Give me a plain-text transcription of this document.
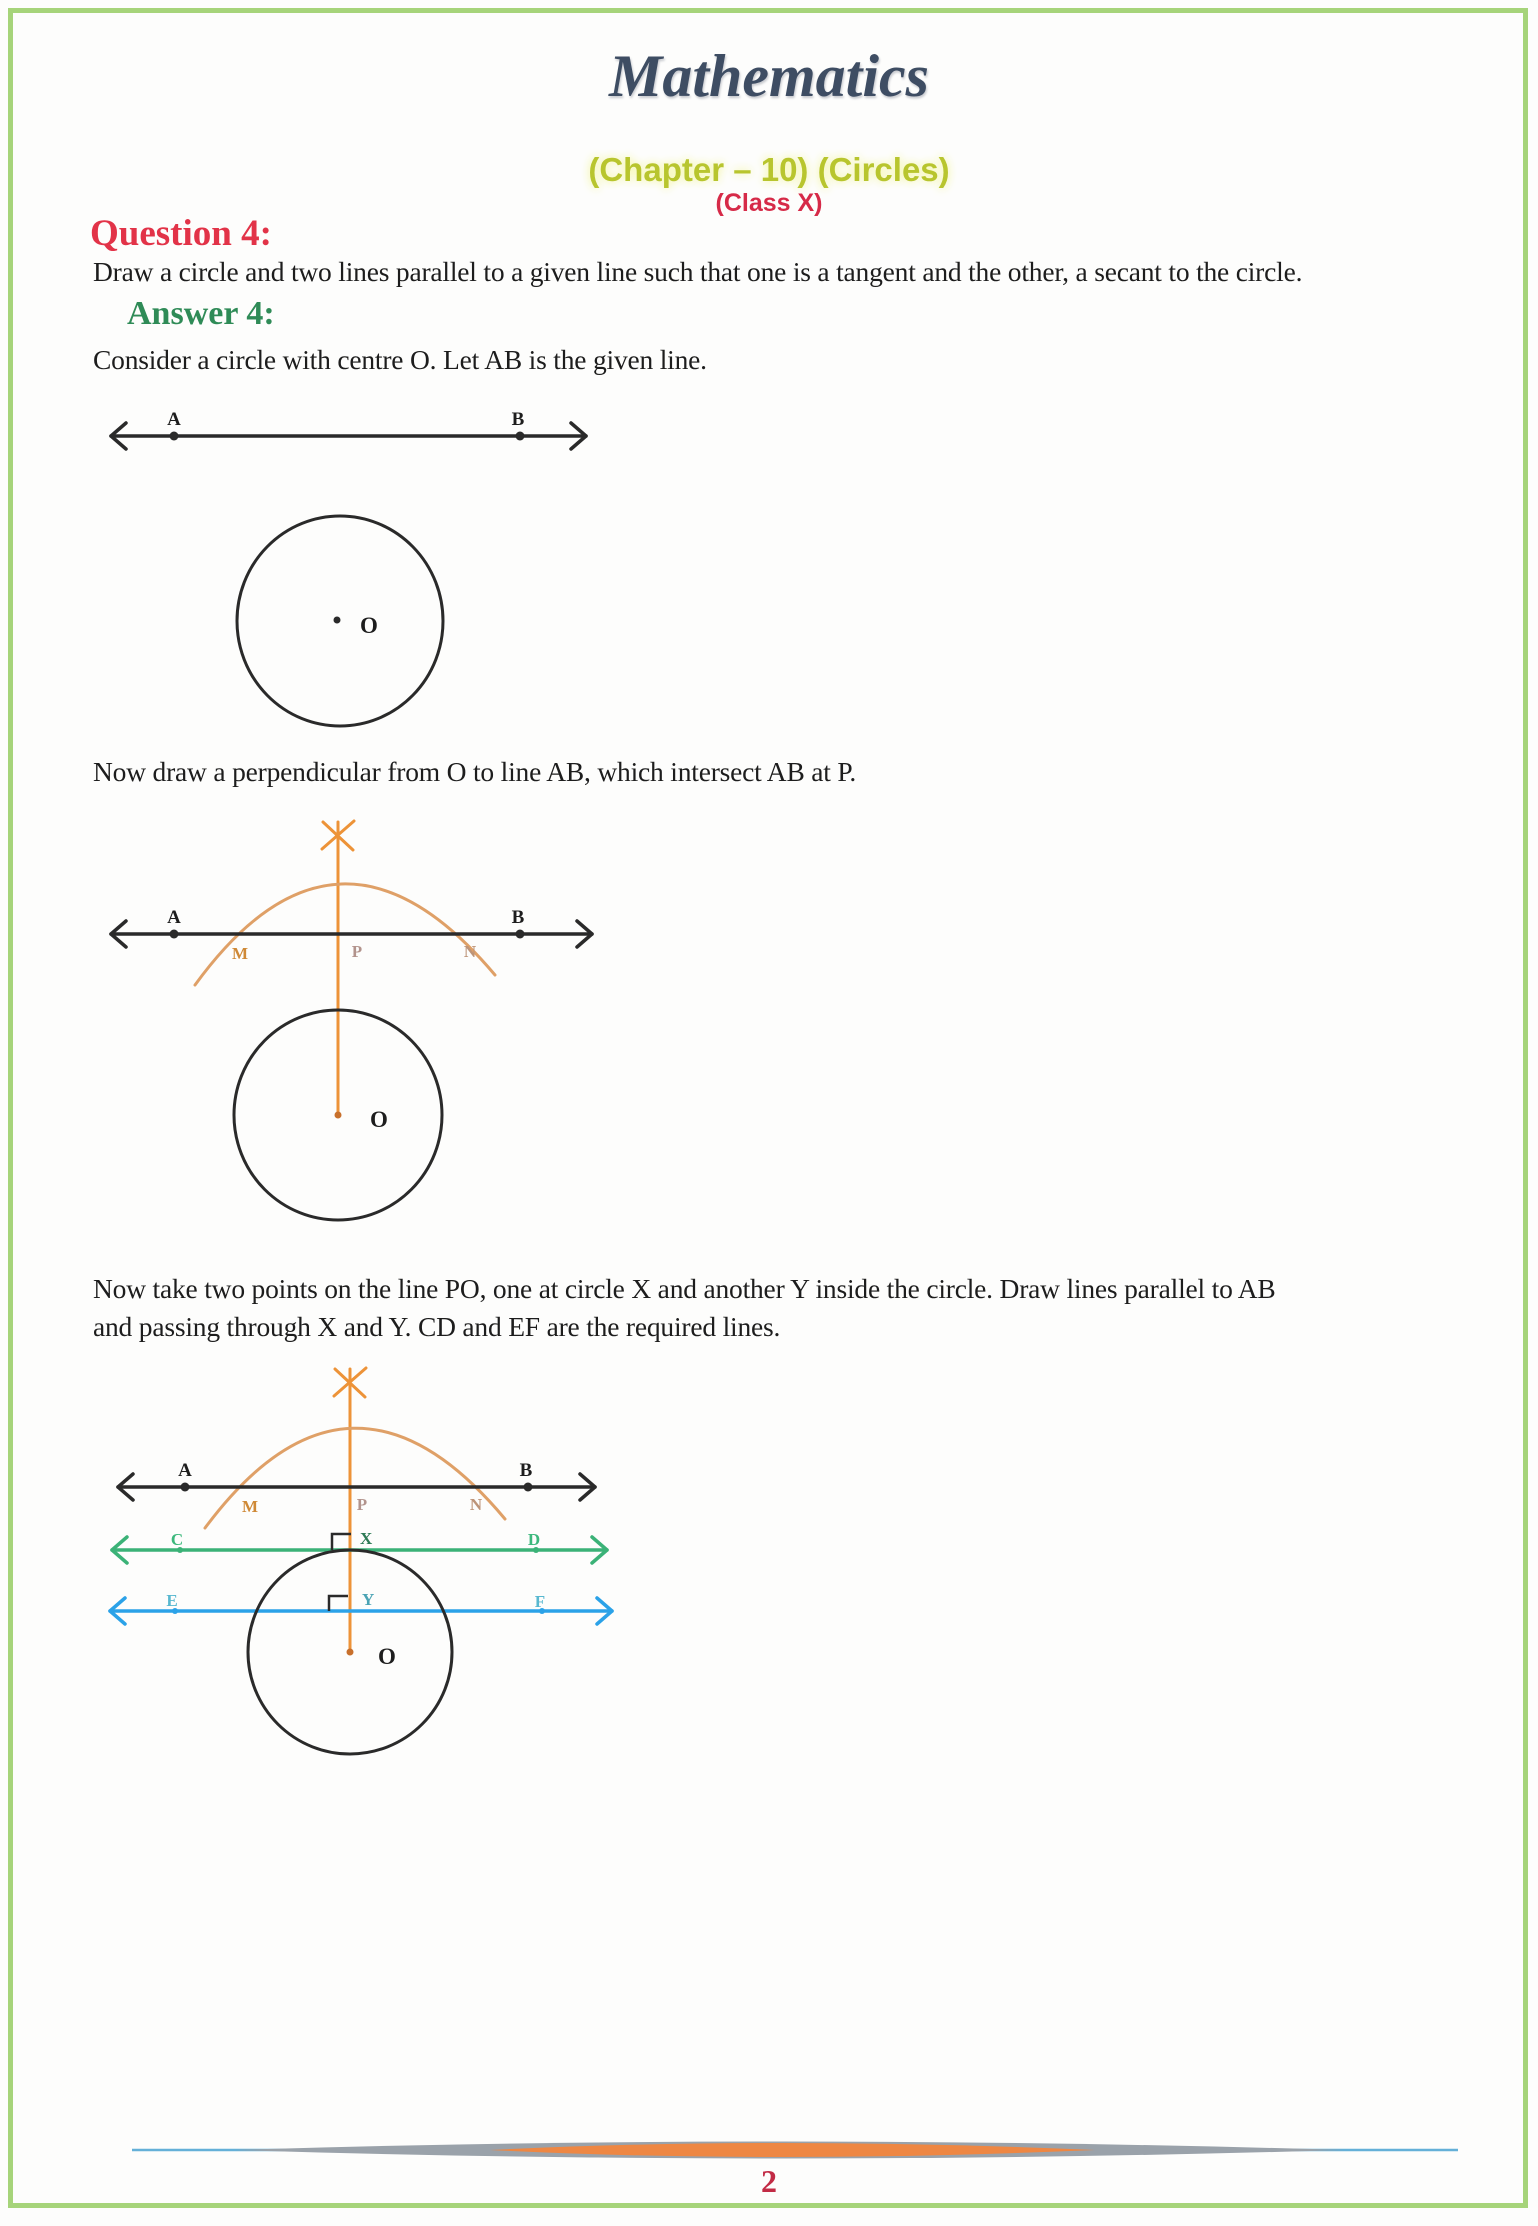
Mathematics
(Chapter – 10) (Circles)
(Class X)
Question 4:
Draw a circle and two lines parallel to a given line such that one is a tangent and the other, a secant to the circle.
Answer 4:
Consider a circle with centre O. Let AB is the given line.
Now draw a perpendicular from O to line AB, which intersect AB at P.
Now take two points on the line PO, one at circle X and another Y inside the circle. Draw lines parallel to AB
and passing through X and Y. CD and EF are the required lines.
A	B
O
A	B
M	P	N
O
A	B
M	P	N
C	D
X
E	F
Y
O
2
